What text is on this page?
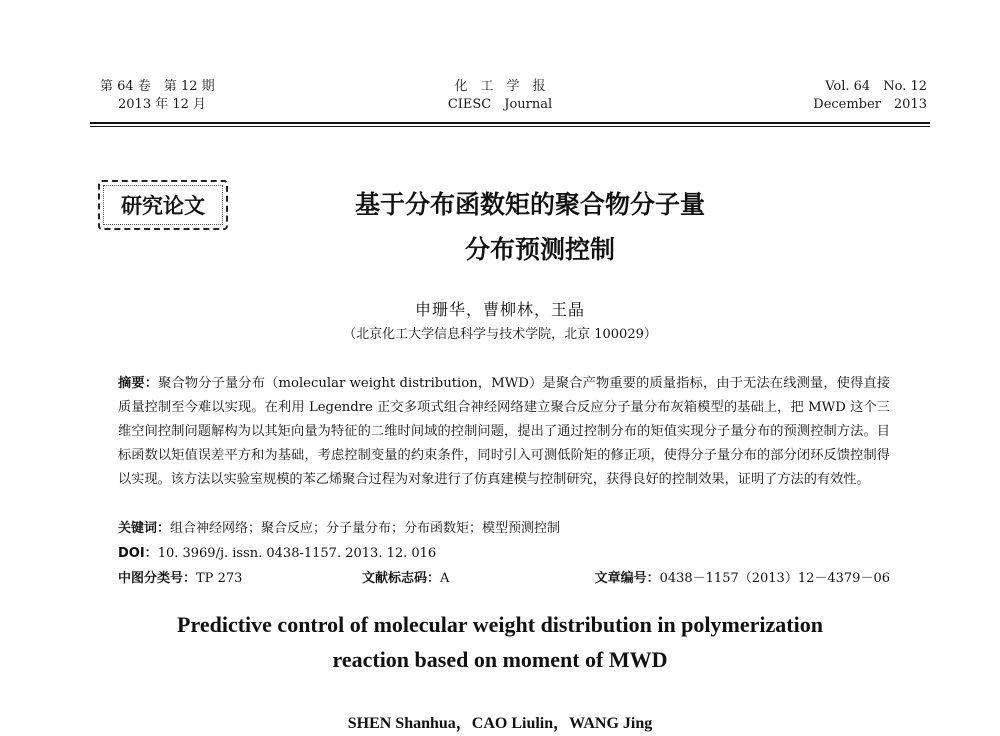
第 64 卷　第 12 期
2013 年 12 月
化　工　学　报
CIESC　Journal
Vol. 64　No. 12
December　2013
研究论文	基于分布函数矩的聚合物分子量
分布预测控制
申珊华，曹柳林，王晶
（北京化工大学信息科学与技术学院，北京 100029）
摘要：聚合物分子量分布（molecular weight distribution，MWD）是聚合产物重要的质量指标，由于无法在线测量，使得直接质量控制至今难以实现。在利用 Legendre 正交多项式组合神经网络建立聚合反应分子量分布灰箱模型的基础上，把 MWD 这个三维空间控制问题解构为以其矩向量为特征的二维时间域的控制问题，提出了通过控制分布的矩值实现分子量分布的预测控制方法。目标函数以矩值误差平方和为基础，考虑控制变量的约束条件，同时引入可测低阶矩的修正项，使得分子量分布的部分闭环反馈控制得以实现。该方法以实验室规模的苯乙烯聚合过程为对象进行了仿真建模与控制研究，获得良好的控制效果，证明了方法的有效性。
关键词：组合神经网络；聚合反应；分子量分布；分布函数矩；模型预测控制
DOI：10. 3969/j. issn. 0438-1157. 2013. 12. 016
中图分类号：TP 273	文献标志码：A	文章编号：0438－1157（2013）12－4379－06
Predictive control of molecular weight distribution in polymerization
reaction based on moment of MWD
SHEN Shanhua，CAO Liulin，WANG Jing
